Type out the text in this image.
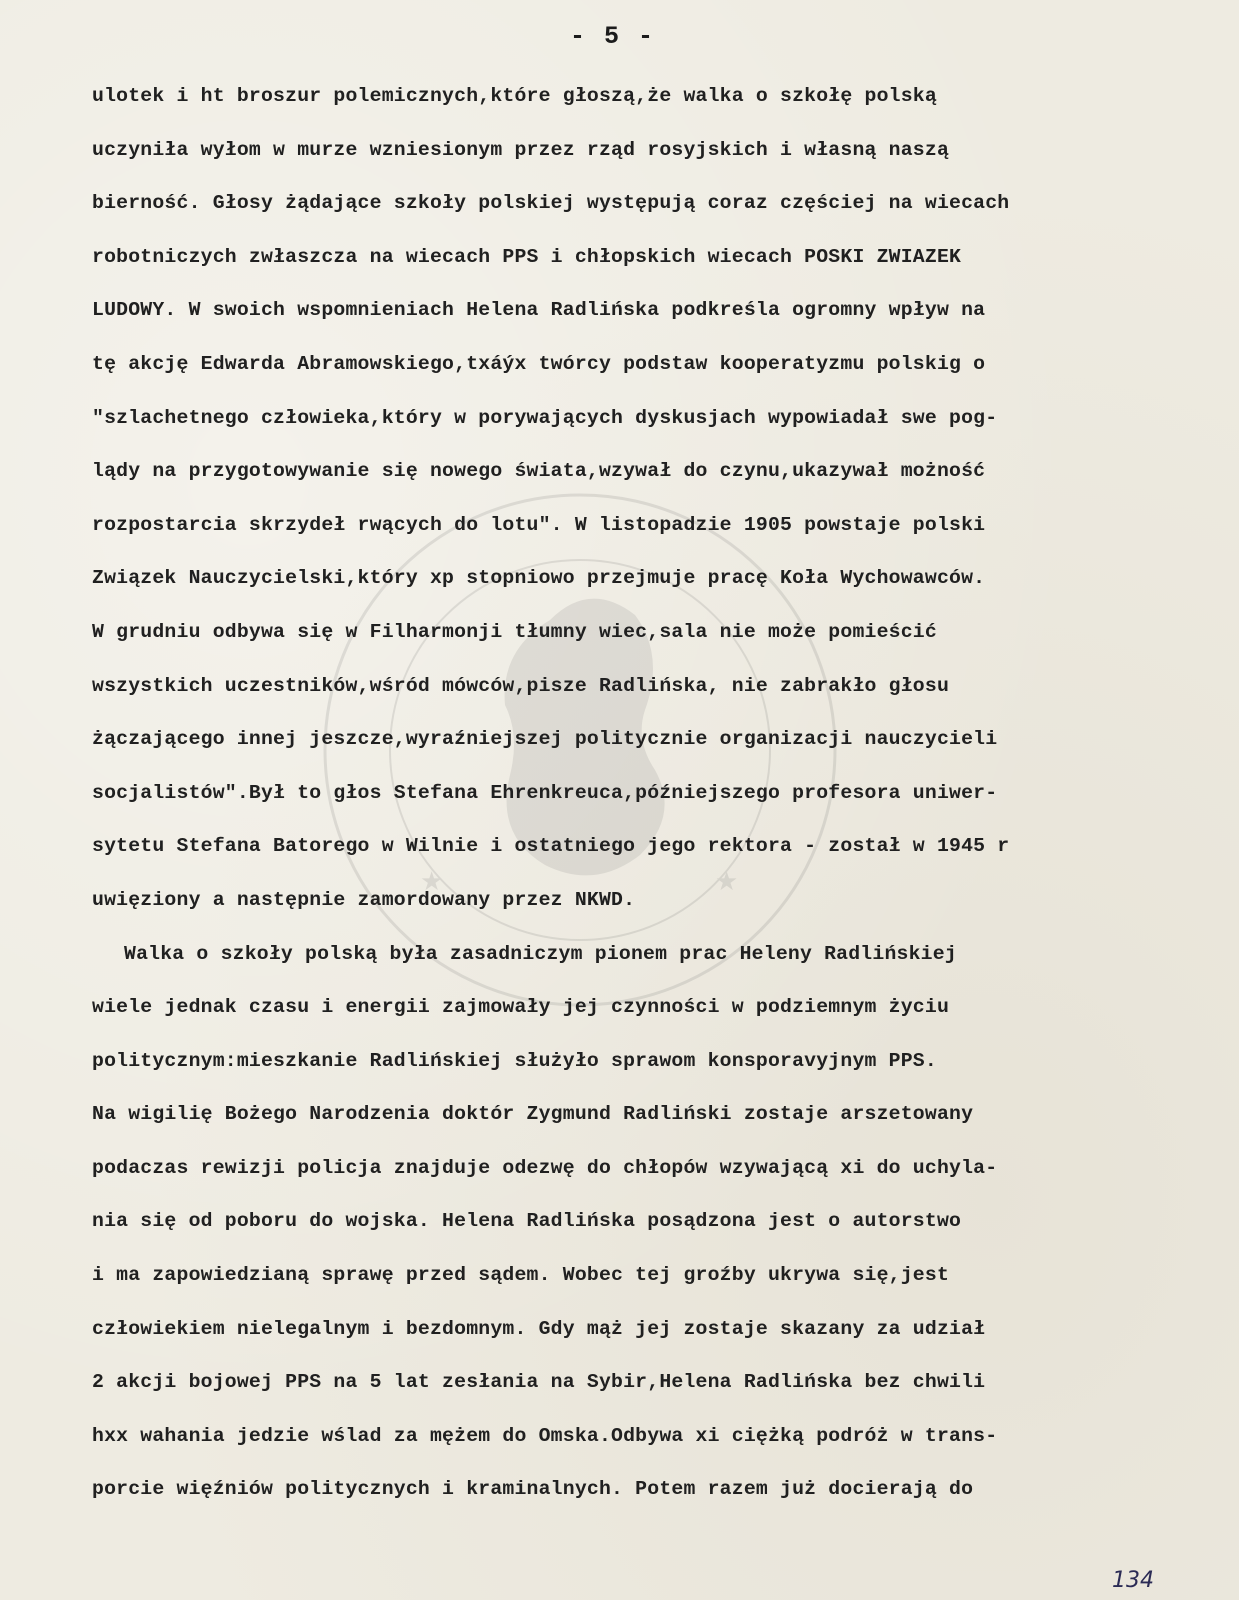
★	★
- 5 -
ulotek i ht broszur polemicznych,które głoszą,że walka o szkołę polską
uczyniła wyłom w murze wzniesionym przez rząd rosyjskich i własną naszą
bierność. Głosy żądające szkoły polskiej występują coraz częściej na wiecach
robotniczych zwłaszcza na wiecach PPS i chłopskich wiecach POSKI ZWIAZEK
LUDOWY. W swoich wspomnieniach Helena Radlińska podkreśla ogromny wpływ na
tę akcję Edwarda Abramowskiego,txáýx twórcy podstaw kooperatyzmu polskig o
"szlachetnego człowieka,który w porywających dyskusjach wypowiadał swe pog-
lądy na przygotowywanie się nowego świata,wzywał do czynu,ukazywał możność
rozpostarcia skrzydeł rwących do lotu". W listopadzie 1905 powstaje polski
Związek Nauczycielski,który xp stopniowo przejmuje pracę Koła Wychowawców.
W grudniu odbywa się w Filharmonji tłumny wiec,sala nie może pomieścić
wszystkich uczestników,wśród mówców,pisze Radlińska, nie zabrakło głosu
żączającego innej jeszcze,wyraźniejszej politycznie organizacji nauczycieli
socjalistów".Był to głos Stefana Ehrenkreuca,późniejszego profesora uniwer-
sytetu Stefana Batorego w Wilnie i ostatniego jego rektora - został w 1945 r
uwięziony a następnie zamordowany przez NKWD.
Walka o szkoły polską była zasadniczym pionem prac Heleny Radlińskiej
wiele jednak czasu i energii zajmowały jej czynności w podziemnym życiu
politycznym:mieszkanie Radlińskiej służyło sprawom konsporavyjnym PPS.
Na wigilię Bożego Narodzenia doktór Zygmund Radliński zostaje arszetowany
podaczas rewizji policja znajduje odezwę do chłopów wzywającą xi do uchyla-
nia się od poboru do wojska. Helena Radlińska posądzona jest o autorstwo
i ma zapowiedzianą sprawę przed sądem. Wobec tej groźby ukrywa się,jest
człowiekiem nielegalnym i bezdomnym. Gdy mąż jej zostaje skazany za udział
2 akcji bojowej PPS na 5 lat zesłania na Sybir,Helena Radlińska bez chwili
hxx wahania jedzie wślad za mężem do Omska.Odbywa xi ciężką podróż w trans-
porcie więźniów politycznych i kraminalnych. Potem razem już docierają do
134
